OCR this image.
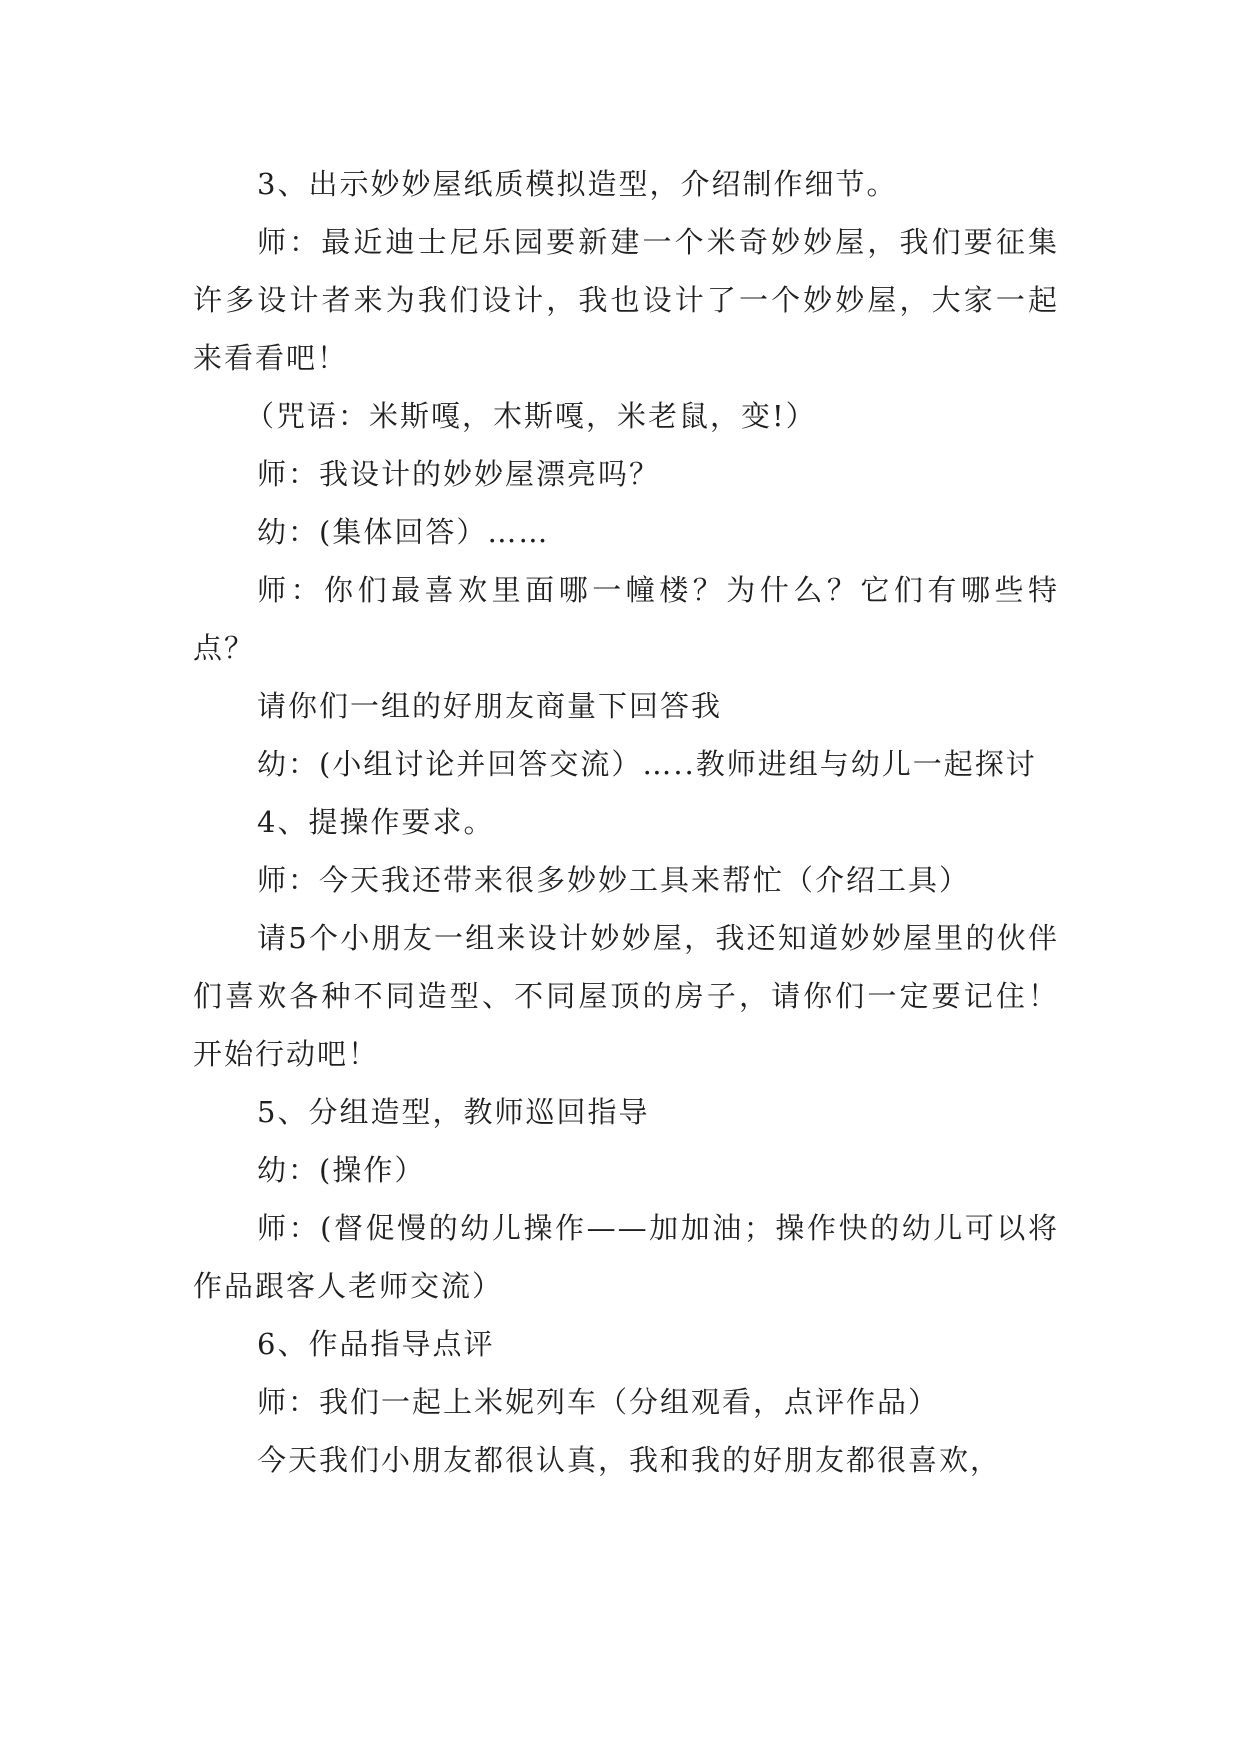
3、出示妙妙屋纸质模拟造型，介绍制作细节。

师：最近迪士尼乐园要新建一个米奇妙妙屋，我们要征集许多设计者来为我们设计，我也设计了一个妙妙屋，大家一起来看看吧！

（咒语：米斯嘎，木斯嘎，米老鼠，变!）

师：我设计的妙妙屋漂亮吗？

幼：(集体回答）……

师：你们最喜欢里面哪一幢楼？为什么？它们有哪些特点？

请你们一组的好朋友商量下回答我

幼：(小组讨论并回答交流）…..教师进组与幼儿一起探讨

4、提操作要求。

师：今天我还带来很多妙妙工具来帮忙（介绍工具）

请5个小朋友一组来设计妙妙屋，我还知道妙妙屋里的伙伴们喜欢各种不同造型、不同屋顶的房子，请你们一定要记住！开始行动吧！

5、分组造型，教师巡回指导

幼：(操作）

师：(督促慢的幼儿操作——加加油；操作快的幼儿可以将作品跟客人老师交流）

6、作品指导点评

师：我们一起上米妮列车（分组观看，点评作品）

今天我们小朋友都很认真，我和我的好朋友都很喜欢，
